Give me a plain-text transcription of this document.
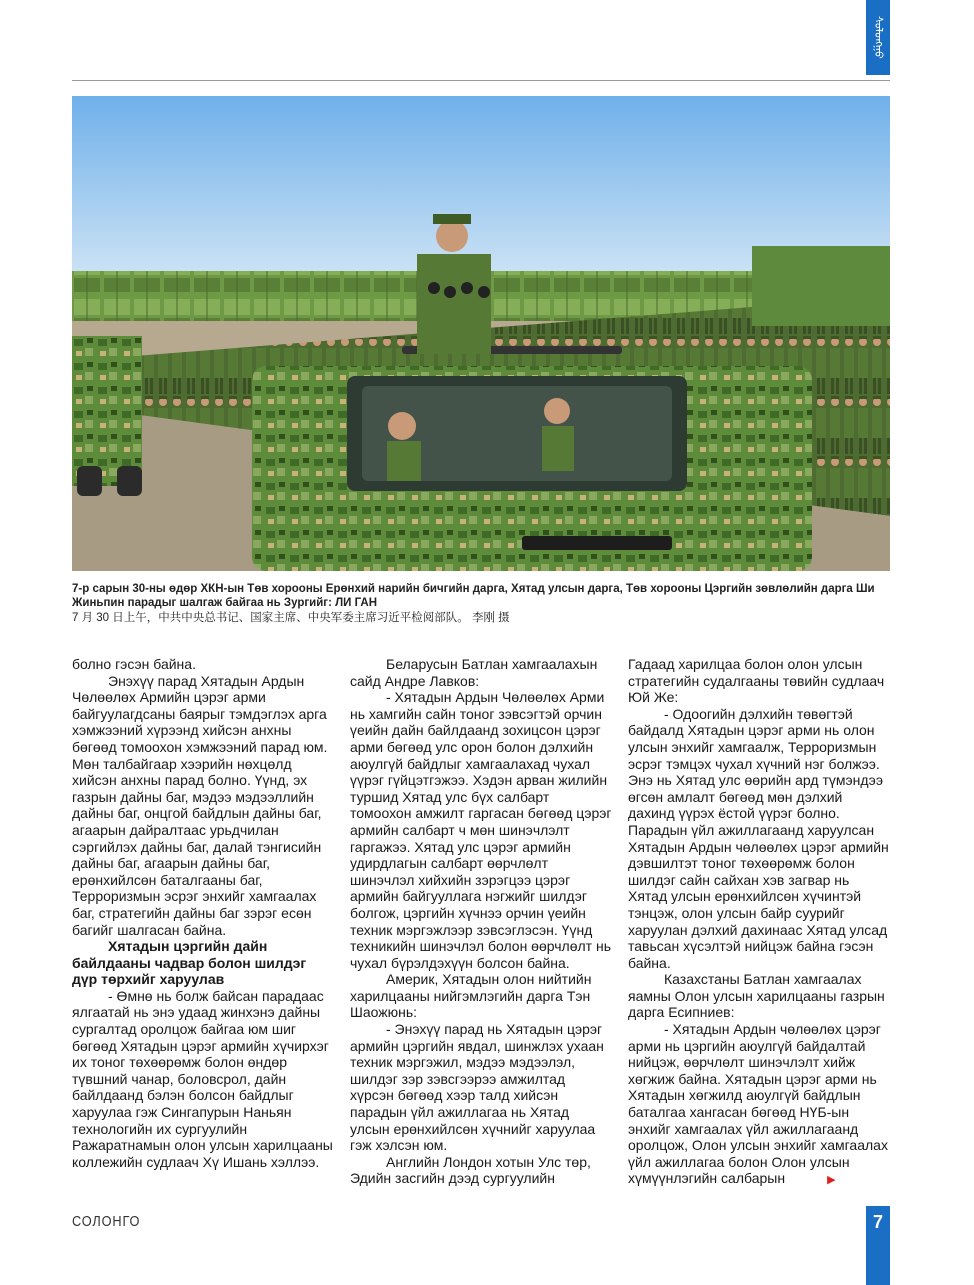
ᠰᠣᠯᠣᠩᠭᠣ
7-р сарын 30-ны өдөр ХКН-ын Төв хорооны Ерөнхий нарийн бичгийн дарга, Хятад улсын дарга, Төв хорооны Цэргийн зөвлөлийн дарга Ши Жиньпин парадыг шалгаж байгаа нь Зургийг: ЛИ ГАН
7 月 30 日上午，中共中央总书记、国家主席、中央军委主席习近平检阅部队。 李刚 摄

болно гэсэн байна.

Энэхүү парад Хятадын Ардын Чөлөөлөх Армийн цэрэг арми байгуулагдсаны баярыг тэмдэглэх арга хэмжээний хүрээнд хийсэн анхны бөгөөд томоохон хэмжээний парад юм. Мөн талбайгаар хээрийн нөхцөлд хийсэн анхны парад болно. Үүнд, эх газрын дайны баг, мэдээ мэдээллийн дайны баг, онцгой байдлын дайны баг, агаарын дайралтаас урьдчилан сэргийлэх дайны баг, далай тэнгисийн дайны баг, агаарын дайны баг, ерөнхийлсөн баталгааны баг, Терроризмын эсрэг энхийг хамгаалах баг, стратегийн дайны баг зэрэг есөн багийг шалгасан байна.

Хятадын цэргийн дайн байлдааны чадвар болон шилдэг дүр төрхийг харуулав

- Өмнө нь болж байсан парадаас ялгаатай нь энэ удаад жинхэнэ дайны сургалтад оролцож байгаа юм шиг бөгөөд Хятадын цэрэг армийн хүчирхэг их тоног төхөөрөмж болон өндөр түвшний чанар, боловсрол, дайн байлдаанд бэлэн болсон байдлыг харуулаа гэж Сингапурын Наньян технологийн их сургуулийн Ражаратнамын олон улсын харилцааны коллежийн судлаач Хү Ишань хэллээ.

Беларусын Батлан хамгаалахын сайд Андре Лавков:

- Хятадын Ардын Чөлөөлөх Арми нь хамгийн сайн тоног зэвсэгтэй орчин үеийн дайн байлдаанд зохицсон цэрэг арми бөгөөд улс орон болон дэлхийн аюулгүй байдлыг хамгаалахад чухал үүрэг гүйцэтгэжээ. Хэдэн арван жилийн туршид Хятад улс бүх салбарт томоохон амжилт гаргасан бөгөөд цэрэг армийн салбарт ч мөн шинэчлэлт гаргажээ. Хятад улс цэрэг армийн удирдлагын салбарт өөрчлөлт шинэчлэл хийхийн зэрэгцээ цэрэг армийн байгууллага нэгжийг шилдэг болгож, цэргийн хүчнээ орчин үеийн техник мэргэжлээр зэвсэглэсэн. Үүнд техникийн шинэчлэл болон өөрчлөлт нь чухал бүрэлдэхүүн болсон байна.

Америк, Хятадын олон нийтийн харилцааны нийгэмлэгийн дарга Тэн Шаожюнь:

- Энэхүү парад нь Хятадын цэрэг армийн цэргийн явдал, шинжлэх ухаан техник мэргэжил, мэдээ мэдээлэл, шилдэг зэр зэвсгээрээ амжилтад хүрсэн бөгөөд хээр талд хийсэн парадын үйл ажиллагаа нь Хятад улсын ерөнхийлсөн хүчнийг харуулаа гэж хэлсэн юм.

Английн Лондон хотын Улс төр, Эдийн засгийн дээд сургуулийн

Гадаад харилцаа болон олон улсын стратегийн судалгааны төвийн судлаач Юй Же:

- Одоогийн дэлхийн төвөгтэй байдалд Хятадын цэрэг арми нь олон улсын энхийг хамгаалж, Терроризмын эсрэг тэмцэх чухал хүчний нэг болжээ. Энэ нь Хятад улс өөрийн ард түмэндээ өгсөн амлалт бөгөөд мөн дэлхий дахинд үүрэх ёстой үүрэг болно. Парадын үйл ажиллагаанд харуулсан Хятадын Ардын чөлөөлөх цэрэг армийн дэвшилтэт тоног төхөөрөмж болон шилдэг сайн сайхан хэв загвар нь Хятад улсын ерөнхийлсөн хүчинтэй тэнцэж, олон улсын байр суурийг харуулан дэлхий дахинаас Хятад улсад тавьсан хүсэлтэй нийцэж байна гэсэн байна.

Казахстаны Батлан хамгаалах яамны Олон улсын харилцааны газрын дарга Есипниев:

- Хятадын Ардын чөлөөлөх цэрэг арми нь цэргийн аюулгүй байдалтай нийцэж, өөрчлөлт шинэчлэлт хийж хөгжиж байна. Хятадын цэрэг арми нь Хятадын хөгжилд аюулгүй байдлын баталгаа хангасан бөгөөд НҮБ-ын энхийг хамгаалах үйл ажиллагаанд оролцож, Олон улсын энхийг хамгаалах үйл ажиллагаа болон Олон улсын хүмүүнлэгийн салбарын	▶

СОЛОНГО	7
